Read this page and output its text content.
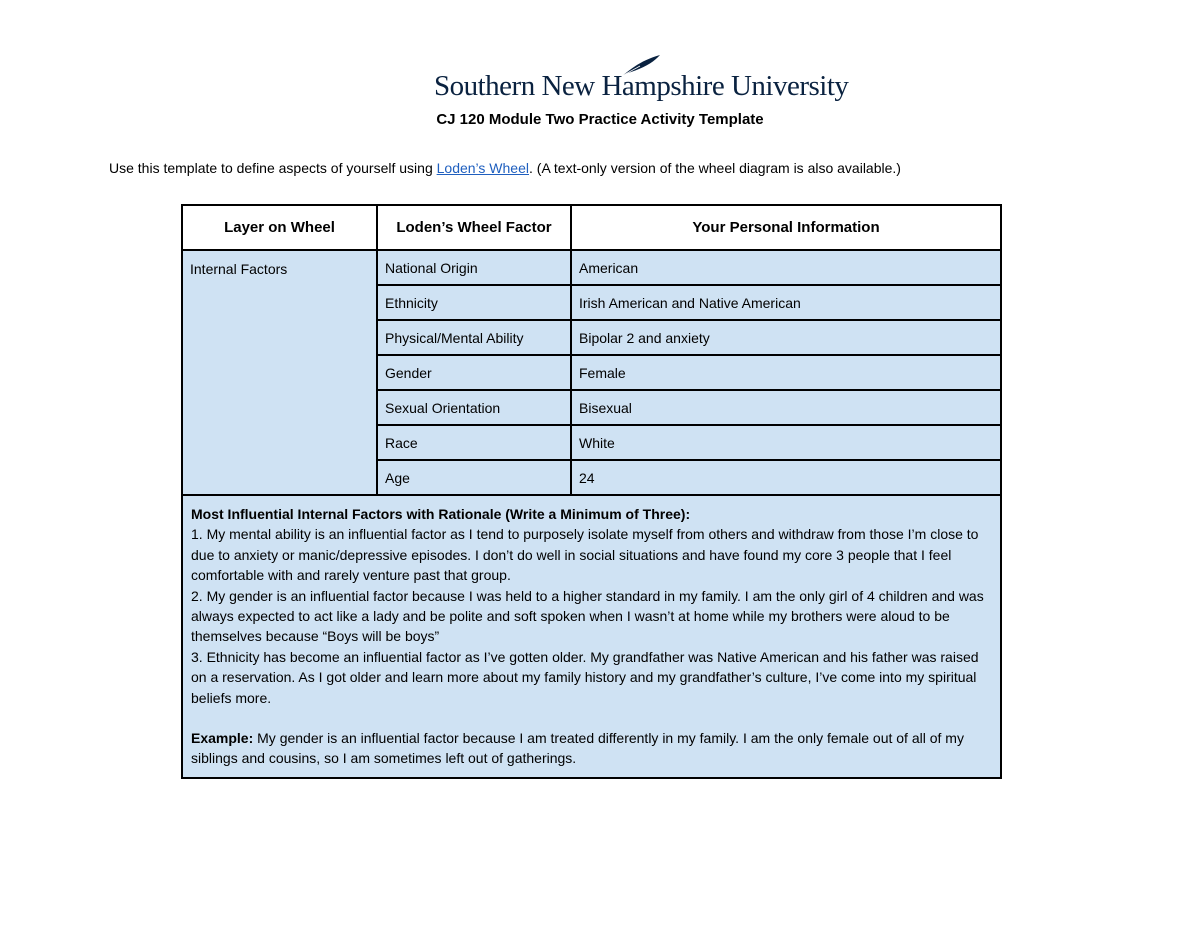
Southern New Hampshire University
CJ 120 Module Two Practice Activity Template
Use this template to define aspects of yourself using Loden’s Wheel. (A text-only version of the wheel diagram is also available.)
Layer on Wheel	Loden’s Wheel Factor	Your Personal Information
Internal Factors	National Origin	American
	Ethnicity	Irish American and Native American
	Physical/Mental Ability	Bipolar 2 and anxiety
	Gender	Female
	Sexual Orientation	Bisexual
	Race	White
	Age	24

Most Influential Internal Factors with Rationale (Write a Minimum of Three):

1. My mental ability is an influential factor as I tend to purposely isolate myself from others and withdraw from those I’m close to due to anxiety or manic/depressive episodes. I don’t do well in social situations and have found my core 3 people that I feel comfortable with and rarely venture past that group.

2. My gender is an influential factor because I was held to a higher standard in my family. I am the only girl of 4 children and was always expected to act like a lady and be polite and soft spoken when I wasn’t at home while my brothers were aloud to be themselves because “Boys will be boys”

3. Ethnicity has become an influential factor as I’ve gotten older. My grandfather was Native American and his father was raised on a reservation. As I got older and learn more about my family history and my grandfather’s culture, I’ve come into my spiritual beliefs more.

Example: My gender is an influential factor because I am treated differently in my family. I am the only female out of all of my siblings and cousins, so I am sometimes left out of gatherings.		
